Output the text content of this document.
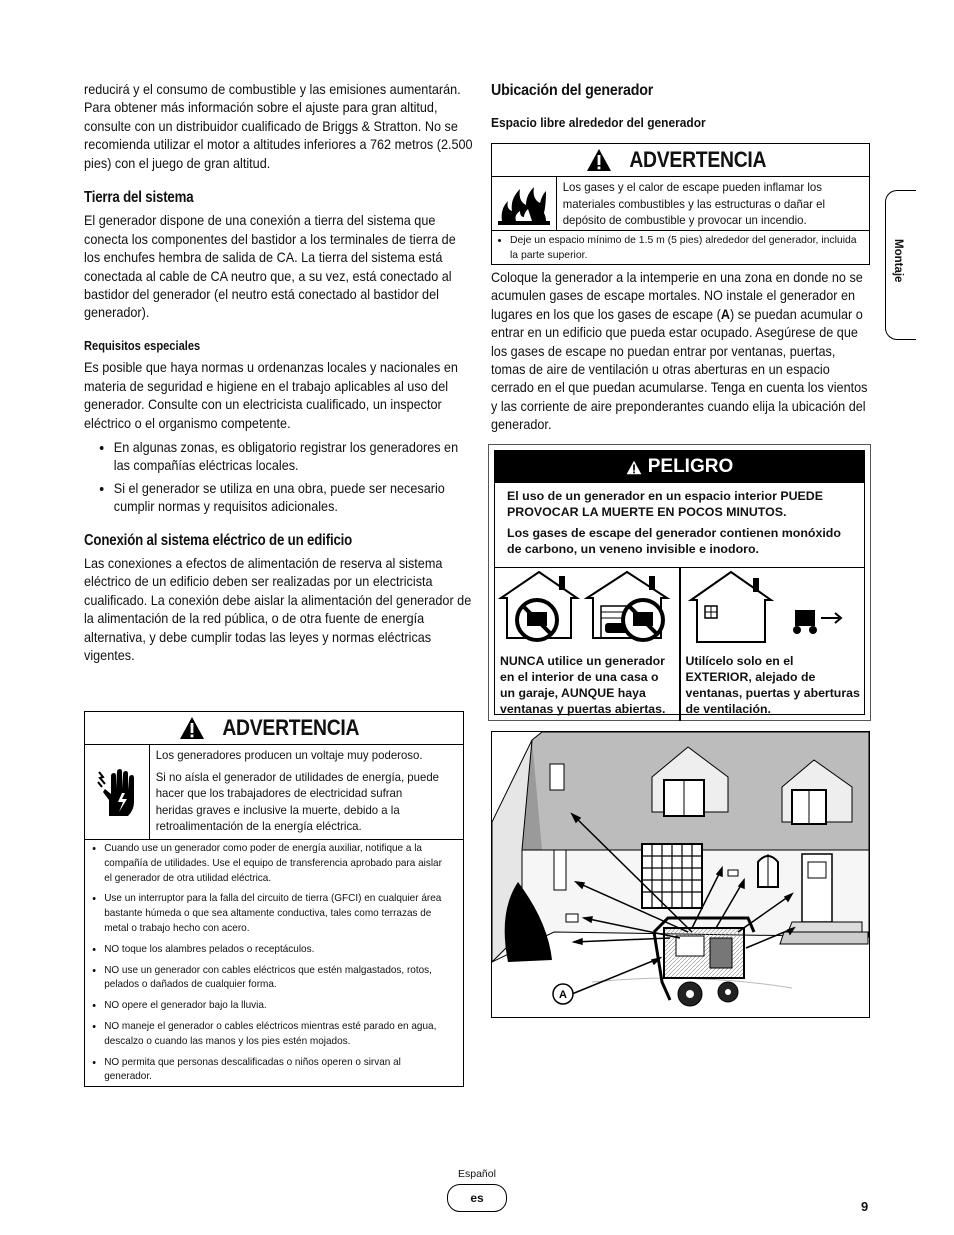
reducirá y el consumo de combustible y las emisiones aumentarán. Para obtener más información sobre el ajuste para gran altitud, consulte con un distribuidor cualificado de Briggs & Stratton. No se recomienda utilizar el motor a altitudes inferiores a 762 metros (2.500 pies) con el juego de gran altitud.

Tierra del sistema

El generador dispone de una conexión a tierra del sistema que conecta los componentes del bastidor a los terminales de tierra de los enchufes hembra de salida de CA. La tierra del sistema está conectada al cable de CA neutro que, a su vez, está conectado al bastidor del generador (el neutro está conectado al bastidor del generador).

Requisitos especiales

Es posible que haya normas u ordenanzas locales y nacionales en materia de seguridad e higiene en el trabajo aplicables al uso del generador. Consulte con un electricista cualificado, un inspector eléctrico o el organismo competente.

• En algunas zonas, es obligatorio registrar los generadores en las compañías eléctricas locales.
• Si el generador se utiliza en una obra, puede ser necesario cumplir normas y requisitos adicionales.
Conexión al sistema eléctrico de un edificio

Las conexiones a efectos de alimentación de reserva al sistema eléctrico de un edificio deben ser realizadas por un electricista cualificado. La conexión debe aislar la alimentación del generador de la alimentación de la red pública, o de otra fuente de energía alternativa, y debe cumplir todas las leyes y normas eléctricas vigentes.

ADVERTENCIA

Los generadores producen un voltaje muy poderoso.

Si no aísla el generador de utilidades de energía, puede hacer que los trabajadores de electricidad sufran heridas graves e inclusive la muerte, debido a la retroalimentación de la energía eléctrica.

• Cuando use un generador como poder de energía auxiliar, notifique a la compañía de utilidades. Use el equipo de transferencia aprobado para aislar el generador de otra utilidad eléctrica.
• Use un interruptor para la falla del circuito de tierra (GFCI) en cualquier área bastante húmeda o que sea altamente conductiva, tales como terrazas de metal o trabajo hecho con acero.
• NO toque los alambres pelados o receptáculos.
• NO use un generador con cables eléctricos que estén malgastados, rotos, pelados o dañados de cualquier forma.
• NO opere el generador bajo la lluvia.
• NO maneje el generador o cables eléctricos mientras esté parado en agua, descalzo o cuando las manos y los pies estén mojados.
• NO permita que personas descalificadas o niños operen o sirvan al generador.
Ubicación del generador
Espacio libre alrededor del generador
ADVERTENCIA

Los gases y el calor de escape pueden inflamar los materiales combustibles y las estructuras o dañar el depósito de combustible y provocar un incendio.

• Deje un espacio mínimo de 1.5 m (5 pies) alrededor del generador, incluida la parte superior.

Coloque la generador a la intemperie en una zona en donde no se acumulen gases de escape mortales. NO instale el generador en lugares en los que los gases de escape (A) se puedan acumular o entrar en un edificio que pueda estar ocupado. Asegúrese de que los gases de escape no puedan entrar por ventanas, puertas, tomas de aire de ventilación u otras aberturas en un espacio cerrado en el que puedan acumularse. Tenga en cuenta los vientos y las corriente de aire preponderantes cuando elija la ubicación del generador.

PELIGRO

El uso de un generador en un espacio interior PUEDE PROVOCAR LA MUERTE EN POCOS MINUTOS.

Los gases de escape del generador contienen monóxido de carbono, un veneno invisible e inodoro.

NUNCA utilice un generador en el interior de una casa o un garaje, AUNQUE haya ventanas y puertas abiertas.
Utilícelo solo en el EXTERIOR, alejado de ventanas, puertas y aberturas de ventilación.
A
Montaje
Español
es
9
